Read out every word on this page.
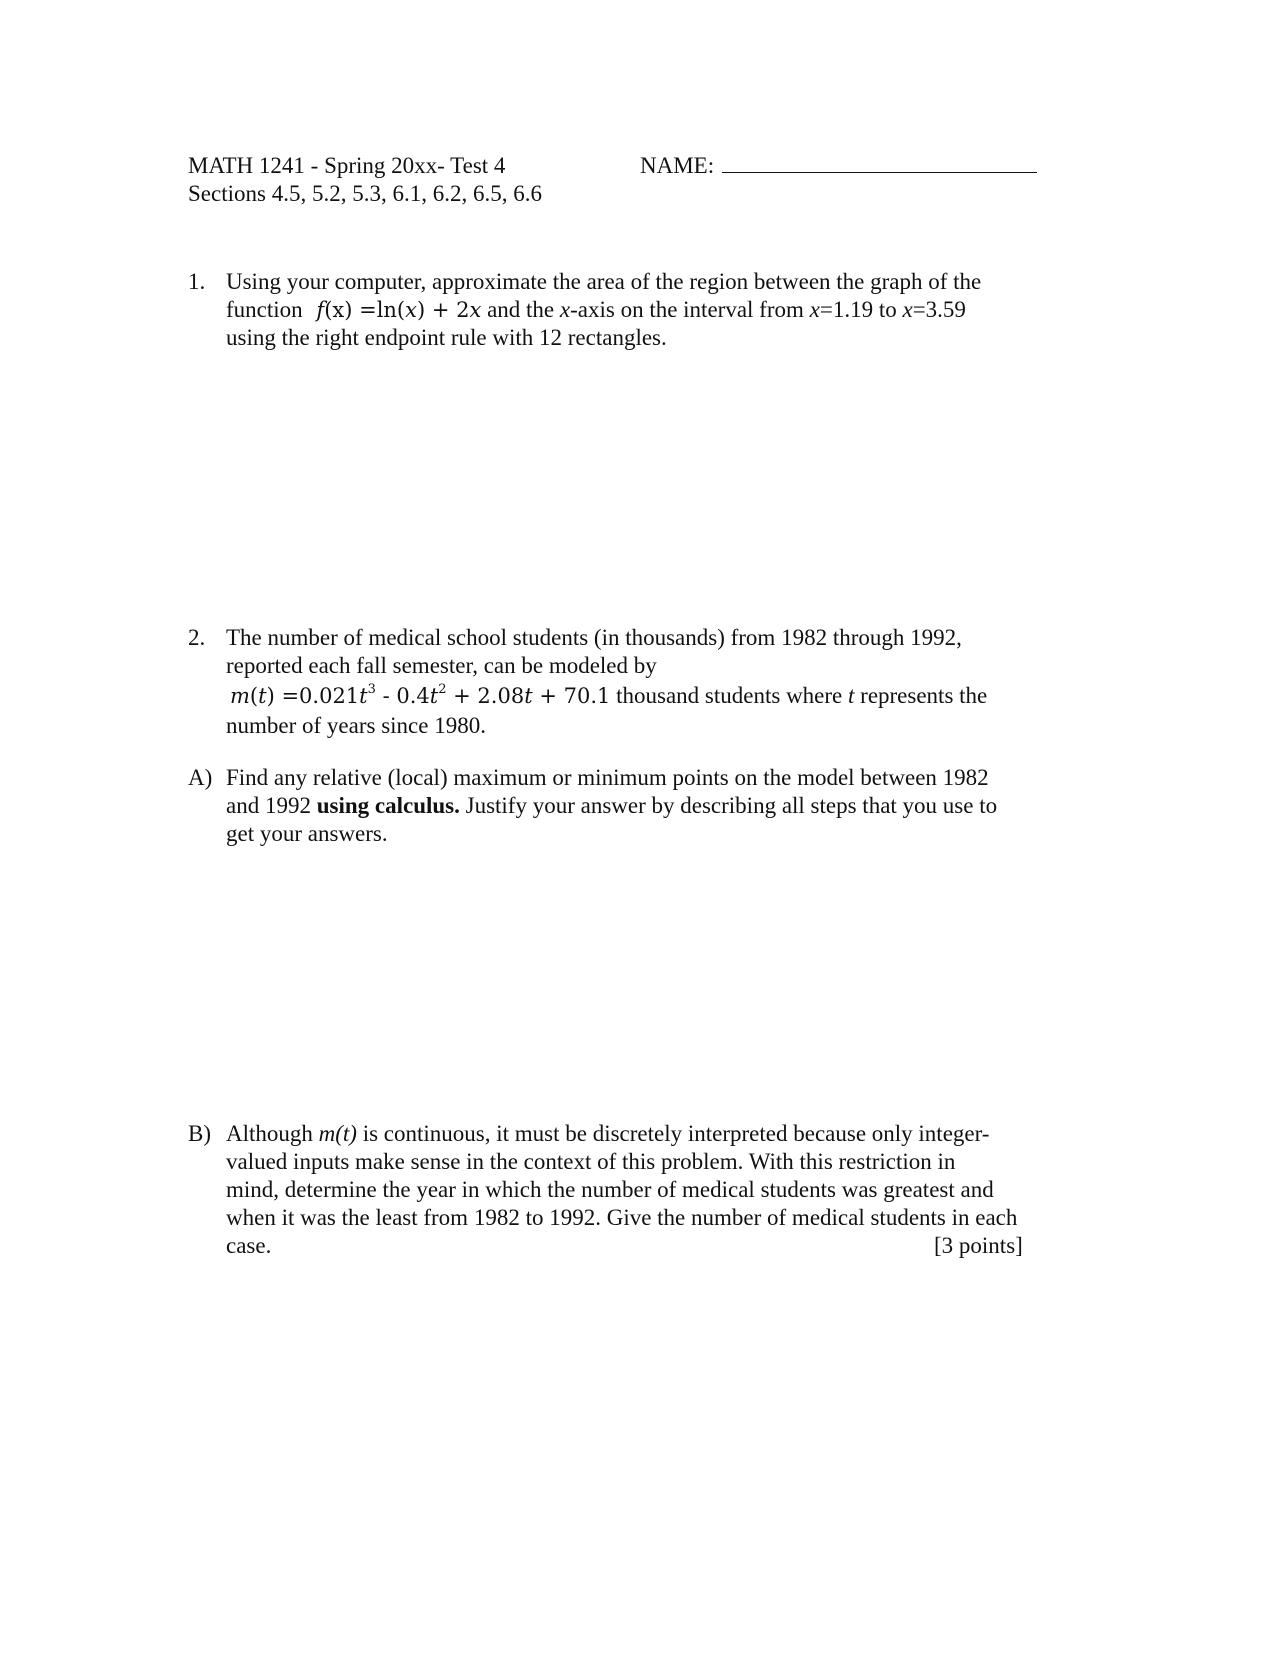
MATH 1241 - Spring 20xx- Test 4
Sections 4.5, 5.2, 5.3, 6.1, 6.2, 6.5, 6.6
NAME:
1. Using your computer, approximate the area of the region between the graph of the
function f(x) =ln(x) + 2x and the x-axis on the interval from x=1.19 to x=3.59
using the right endpoint rule with 12 rectangles.
2. The number of medical school students (in thousands) from 1982 through 1992,
reported each fall semester, can be modeled by
$m(t) =0.021t^3 - 0.4t^2 + 2.08t + 70.1$ thousand students where t represents the
number of years since 1980.
A) Find any relative (local) maximum or minimum points on the model between 1982
and 1992 using calculus. Justify your answer by describing all steps that you use to
get your answers.
B) Although m(t) is continuous, it must be discretely interpreted because only integer-
valued inputs make sense in the context of this problem. With this restriction in
mind, determine the year in which the number of medical students was greatest and
when it was the least from 1982 to 1992. Give the number of medical students in each
case.	[3 points]
